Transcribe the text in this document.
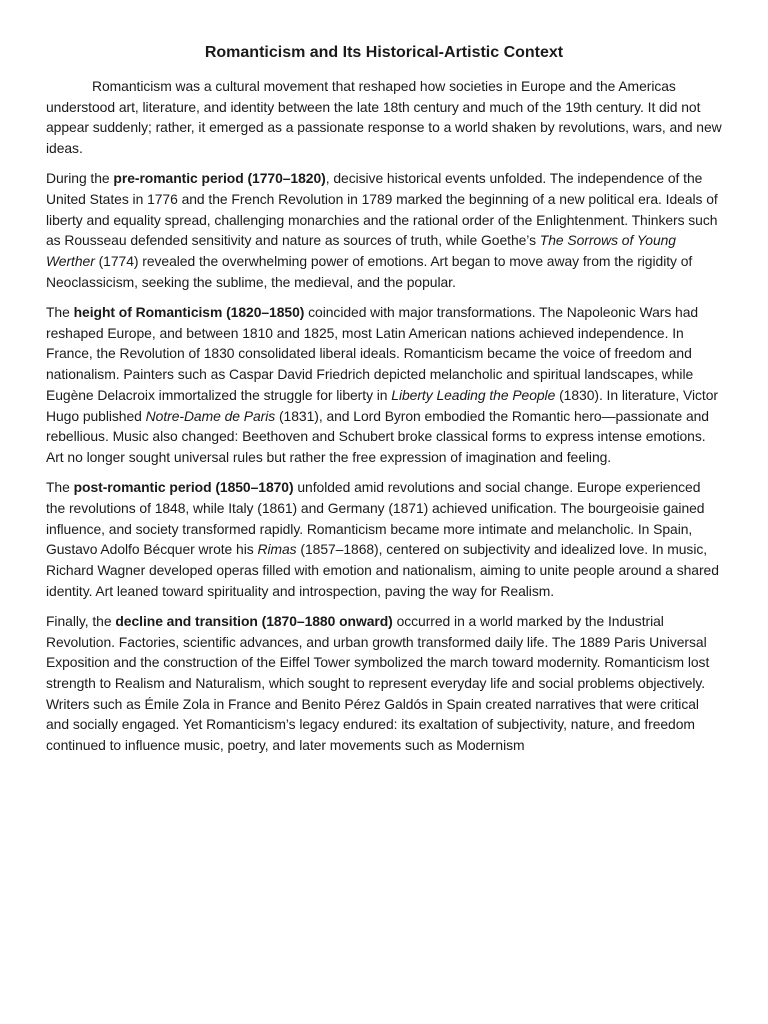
Romanticism and Its Historical-Artistic Context

Romanticism was a cultural movement that reshaped how societies in Europe and the Americas understood art, literature, and identity between the late 18th century and much of the 19th century. It did not appear suddenly; rather, it emerged as a passionate response to a world shaken by revolutions, wars, and new ideas.

During the pre-romantic period (1770–1820), decisive historical events unfolded. The independence of the United States in 1776 and the French Revolution in 1789 marked the beginning of a new political era. Ideals of liberty and equality spread, challenging monarchies and the rational order of the Enlightenment. Thinkers such as Rousseau defended sensitivity and nature as sources of truth, while Goethe’s The Sorrows of Young Werther (1774) revealed the overwhelming power of emotions. Art began to move away from the rigidity of Neoclassicism, seeking the sublime, the medieval, and the popular.

The height of Romanticism (1820–1850) coincided with major transformations. The Napoleonic Wars had reshaped Europe, and between 1810 and 1825, most Latin American nations achieved independence. In France, the Revolution of 1830 consolidated liberal ideals. Romanticism became the voice of freedom and nationalism. Painters such as Caspar David Friedrich depicted melancholic and spiritual landscapes, while Eugène Delacroix immortalized the struggle for liberty in Liberty Leading the People (1830). In literature, Victor Hugo published Notre-Dame de Paris (1831), and Lord Byron embodied the Romantic hero—passionate and rebellious. Music also changed: Beethoven and Schubert broke classical forms to express intense emotions. Art no longer sought universal rules but rather the free expression of imagination and feeling.

The post-romantic period (1850–1870) unfolded amid revolutions and social change. Europe experienced the revolutions of 1848, while Italy (1861) and Germany (1871) achieved unification. The bourgeoisie gained influence, and society transformed rapidly. Romanticism became more intimate and melancholic. In Spain, Gustavo Adolfo Bécquer wrote his Rimas (1857–1868), centered on subjectivity and idealized love. In music, Richard Wagner developed operas filled with emotion and nationalism, aiming to unite people around a shared identity. Art leaned toward spirituality and introspection, paving the way for Realism.

Finally, the decline and transition (1870–1880 onward) occurred in a world marked by the Industrial Revolution. Factories, scientific advances, and urban growth transformed daily life. The 1889 Paris Universal Exposition and the construction of the Eiffel Tower symbolized the march toward modernity. Romanticism lost strength to Realism and Naturalism, which sought to represent everyday life and social problems objectively. Writers such as Émile Zola in France and Benito Pérez Galdós in Spain created narratives that were critical and socially engaged. Yet Romanticism’s legacy endured: its exaltation of subjectivity, nature, and freedom continued to influence music, poetry, and later movements such as Modernism
